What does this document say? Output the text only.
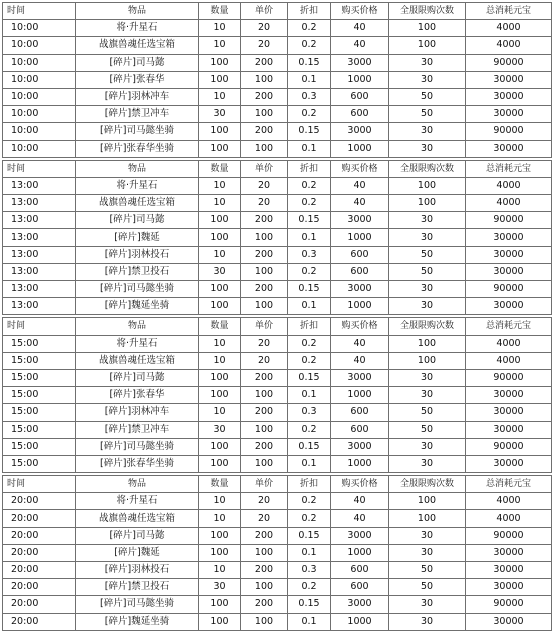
时间	物品	数量	单价	折扣	购买价格	全服限购次数	总消耗元宝
10:00	将·升星石	10	20	0.2	40	100	4000
10:00	战旗兽魂任选宝箱	10	20	0.2	40	100	4000
10:00	[碎片]司马懿	100	200	0.15	3000	30	90000
10:00	[碎片]张春华	100	100	0.1	1000	30	30000
10:00	[碎片]羽林冲车	10	200	0.3	600	50	30000
10:00	[碎片]禁卫冲车	30	100	0.2	600	50	30000
10:00	[碎片]司马懿坐骑	100	200	0.15	3000	30	90000
10:00	[碎片]张春华坐骑	100	100	0.1	1000	30	30000

时间	物品	数量	单价	折扣	购买价格	全服限购次数	总消耗元宝
13:00	将·升星石	10	20	0.2	40	100	4000
13:00	战旗兽魂任选宝箱	10	20	0.2	40	100	4000
13:00	[碎片]司马懿	100	200	0.15	3000	30	90000
13:00	[碎片]魏延	100	100	0.1	1000	30	30000
13:00	[碎片]羽林投石	10	200	0.3	600	50	30000
13:00	[碎片]禁卫投石	30	100	0.2	600	50	30000
13:00	[碎片]司马懿坐骑	100	200	0.15	3000	30	90000
13:00	[碎片]魏延坐骑	100	100	0.1	1000	30	30000

时间	物品	数量	单价	折扣	购买价格	全服限购次数	总消耗元宝
15:00	将·升星石	10	20	0.2	40	100	4000
15:00	战旗兽魂任选宝箱	10	20	0.2	40	100	4000
15:00	[碎片]司马懿	100	200	0.15	3000	30	90000
15:00	[碎片]张春华	100	100	0.1	1000	30	30000
15:00	[碎片]羽林冲车	10	200	0.3	600	50	30000
15:00	[碎片]禁卫冲车	30	100	0.2	600	50	30000
15:00	[碎片]司马懿坐骑	100	200	0.15	3000	30	90000
15:00	[碎片]张春华坐骑	100	100	0.1	1000	30	30000

时间	物品	数量	单价	折扣	购买价格	全服限购次数	总消耗元宝
20:00	将·升星石	10	20	0.2	40	100	4000
20:00	战旗兽魂任选宝箱	10	20	0.2	40	100	4000
20:00	[碎片]司马懿	100	200	0.15	3000	30	90000
20:00	[碎片]魏延	100	100	0.1	1000	30	30000
20:00	[碎片]羽林投石	10	200	0.3	600	50	30000
20:00	[碎片]禁卫投石	30	100	0.2	600	50	30000
20:00	[碎片]司马懿坐骑	100	200	0.15	3000	30	90000
20:00	[碎片]魏延坐骑	100	100	0.1	1000	30	30000
